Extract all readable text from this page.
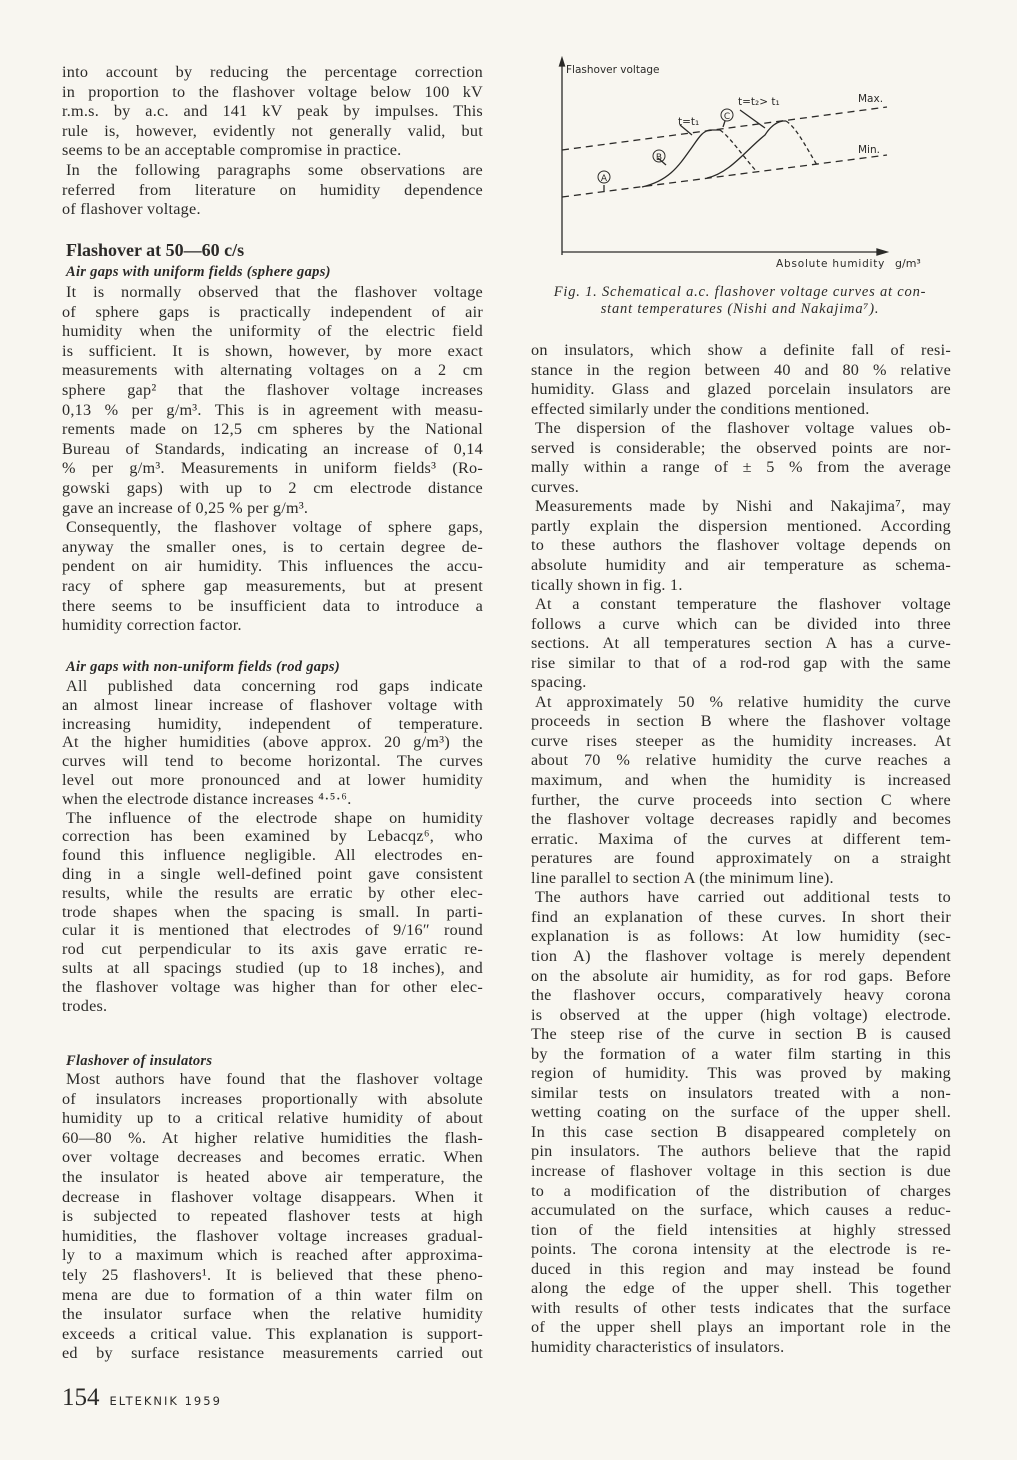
into account by reducing the percentage correction
in proportion to the flashover voltage below 100 kV
r.m.s. by a.c. and 141 kV peak by impulses. This
rule is, however, evidently not generally valid, but
seems to be an acceptable compromise in practice.
In the following paragraphs some observations are
referred from literature on humidity dependence
of flashover voltage.
Flashover at 50—60 c/s
Air gaps with uniform fields (sphere gaps)
It is normally observed that the flashover voltage
of sphere gaps is practically independent of air
humidity when the uniformity of the electric field
is sufficient. It is shown, however, by more exact
measurements with alternating voltages on a 2 cm
sphere gap² that the flashover voltage increases
0,13 % per g/m³. This is in agreement with measu-
rements made on 12,5 cm spheres by the National
Bureau of Standards, indicating an increase of 0,14
% per g/m³. Measurements in uniform fields³ (Ro-
gowski gaps) with up to 2 cm electrode distance
gave an increase of 0,25 % per g/m³.
Consequently, the flashover voltage of sphere gaps,
anyway the smaller ones, is to certain degree de-
pendent on air humidity. This influences the accu-
racy of sphere gap measurements, but at present
there seems to be insufficient data to introduce a
humidity correction factor.
Air gaps with non-uniform fields (rod gaps)
All published data concerning rod gaps indicate
an almost linear increase of flashover voltage with
increasing humidity, independent of temperature.
At the higher humidities (above approx. 20 g/m³) the
curves will tend to become horizontal. The curves
level out more pronounced and at lower humidity
when the electrode distance increases ⁴·⁵·⁶.
The influence of the electrode shape on humidity
correction has been examined by Lebacqz⁶, who
found this influence negligible. All electrodes en-
ding in a single well-defined point gave consistent
results, while the results are erratic by other elec-
trode shapes when the spacing is small. In parti-
cular it is mentioned that electrodes of 9/16″ round
rod cut perpendicular to its axis gave erratic re-
sults at all spacings studied (up to 18 inches), and
the flashover voltage was higher than for other elec-
trodes.
Flashover of insulators
Most authors have found that the flashover voltage
of insulators increases proportionally with absolute
humidity up to a critical relative humidity of about
60—80 %. At higher relative humidities the flash-
over voltage decreases and becomes erratic. When
the insulator is heated above air temperature, the
decrease in flashover voltage disappears. When it
is subjected to repeated flashover tests at high
humidities, the flashover voltage increases gradual-
ly to a maximum which is reached after approxima-
tely 25 flashovers¹. It is believed that these pheno-
mena are due to formation of a thin water film on
the insulator surface when the relative humidity
exceeds a critical value. This explanation is support-
ed by surface resistance measurements carried out
Flashover voltage
Max.
Min.
t=t₁
t=t₂> t₁
A
B
C
Absolute humidity g/m³
Fig. 1. Schematical a.c. flashover voltage curves at con-
stant temperatures (Nishi and Nakajima⁷).
on insulators, which show a definite fall of resi-
stance in the region between 40 and 80 % relative
humidity. Glass and glazed porcelain insulators are
effected similarly under the conditions mentioned.
The dispersion of the flashover voltage values ob-
served is considerable; the observed points are nor-
mally within a range of ± 5 % from the average
curves.
Measurements made by Nishi and Nakajima⁷, may
partly explain the dispersion mentioned. According
to these authors the flashover voltage depends on
absolute humidity and air temperature as schema-
tically shown in fig. 1.
At a constant temperature the flashover voltage
follows a curve which can be divided into three
sections. At all temperatures section A has a curve-
rise similar to that of a rod-rod gap with the same
spacing.
At approximately 50 % relative humidity the curve
proceeds in section B where the flashover voltage
curve rises steeper as the humidity increases. At
about 70 % relative humidity the curve reaches a
maximum, and when the humidity is increased
further, the curve proceeds into section C where
the flashover voltage decreases rapidly and becomes
erratic. Maxima of the curves at different tem-
peratures are found approximately on a straight
line parallel to section A (the minimum line).
The authors have carried out additional tests to
find an explanation of these curves. In short their
explanation is as follows: At low humidity (sec-
tion A) the flashover voltage is merely dependent
on the absolute air humidity, as for rod gaps. Before
the flashover occurs, comparatively heavy corona
is observed at the upper (high voltage) electrode.
The steep rise of the curve in section B is caused
by the formation of a water film starting in this
region of humidity. This was proved by making
similar tests on insulators treated with a non-
wetting coating on the surface of the upper shell.
In this case section B disappeared completely on
pin insulators. The authors believe that the rapid
increase of flashover voltage in this section is due
to a modification of the distribution of charges
accumulated on the surface, which causes a reduc-
tion of the field intensities at highly stressed
points. The corona intensity at the electrode is re-
duced in this region and may instead be found
along the edge of the upper shell. This together
with results of other tests indicates that the surface
of the upper shell plays an important role in the
humidity characteristics of insulators.
154 ELTEKNIK 1959
